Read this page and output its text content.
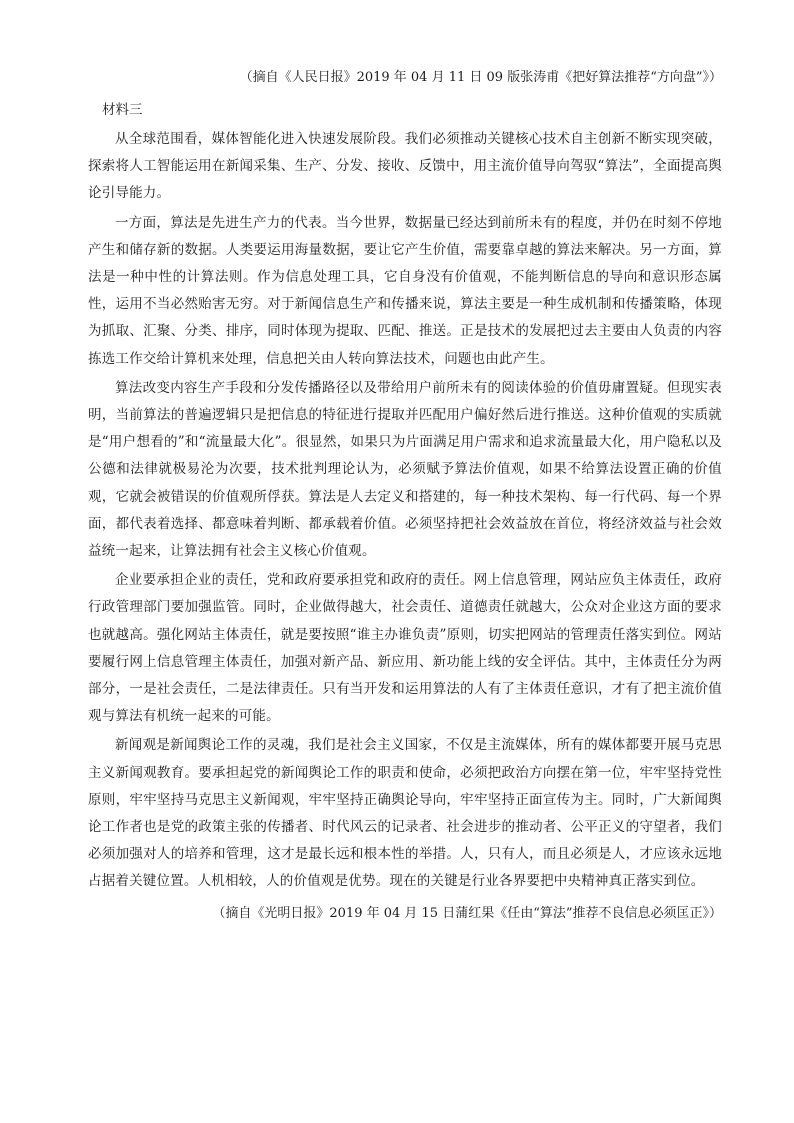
（摘自《人民日报》2019 年 04 月 11 日 09 版张涛甫《把好算法推荐“方向盘”》）
材料三

从全球范围看，媒体智能化进入快速发展阶段。我们必须推动关键核心技术自主创新不断实现突破，探索将人工智能运用在新闻采集、生产、分发、接收、反馈中，用主流价值导向驾驭“算法”，全面提高舆论引导能力。

一方面，算法是先进生产力的代表。当今世界，数据量已经达到前所未有的程度，并仍在时刻不停地产生和储存新的数据。人类要运用海量数据，要让它产生价值，需要靠卓越的算法来解决。另一方面，算法是一种中性的计算法则。作为信息处理工具，它自身没有价值观，不能判断信息的导向和意识形态属性，运用不当必然贻害无穷。对于新闻信息生产和传播来说，算法主要是一种生成机制和传播策略，体现为抓取、汇聚、分类、排序，同时体现为提取、匹配、推送。正是技术的发展把过去主要由人负责的内容拣选工作交给计算机来处理，信息把关由人转向算法技术，问题也由此产生。

算法改变内容生产手段和分发传播路径以及带给用户前所未有的阅读体验的价值毋庸置疑。但现实表明，当前算法的普遍逻辑只是把信息的特征进行提取并匹配用户偏好然后进行推送。这种价值观的实质就是“用户想看的”和“流量最大化”。很显然，如果只为片面满足用户需求和追求流量最大化，用户隐私以及公德和法律就极易沦为次要，技术批判理论认为，必须赋予算法价值观，如果不给算法设置正确的价值观，它就会被错误的价值观所俘获。算法是人去定义和搭建的，每一种技术架构、每一行代码、每一个界面，都代表着选择、都意味着判断、都承载着价值。必须坚持把社会效益放在首位，将经济效益与社会效益统一起来，让算法拥有社会主义核心价值观。

企业要承担企业的责任，党和政府要承担党和政府的责任。网上信息管理，网站应负主体责任，政府行政管理部门要加强监管。同时，企业做得越大，社会责任、道德责任就越大，公众对企业这方面的要求也就越高。强化网站主体责任，就是要按照“谁主办谁负责”原则，切实把网站的管理责任落实到位。网站要履行网上信息管理主体责任，加强对新产品、新应用、新功能上线的安全评估。其中，主体责任分为两部分，一是社会责任，二是法律责任。只有当开发和运用算法的人有了主体责任意识，才有了把主流价值观与算法有机统一起来的可能。

新闻观是新闻舆论工作的灵魂，我们是社会主义国家，不仅是主流媒体，所有的媒体都要开展马克思主义新闻观教育。要承担起党的新闻舆论工作的职责和使命，必须把政治方向摆在第一位，牢牢坚持党性原则，牢牢坚持马克思主义新闻观，牢牢坚持正确舆论导向，牢牢坚持正面宣传为主。同时，广大新闻舆论工作者也是党的政策主张的传播者、时代风云的记录者、社会进步的推动者、公平正义的守望者，我们必须加强对人的培养和管理，这才是最长远和根本性的举措。人，只有人，而且必须是人，才应该永远地占据着关键位置。人机相较，人的价值观是优势。现在的关键是行业各界要把中央精神真正落实到位。

（摘自《光明日报》2019 年 04 月 15 日蒲红果《任由“算法”推荐不良信息必须匡正》）
